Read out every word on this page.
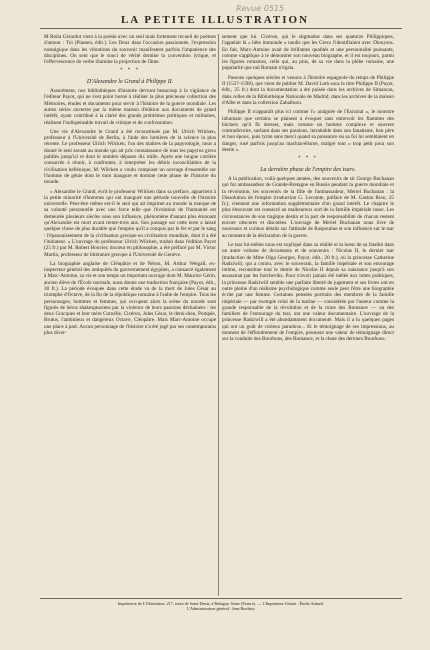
Revue 0515
LA PETITE ILLUSTRATION

M Roïta Gérardot vient à la poésie avec un seul mais fortement recueil de poèmes d'amour : Toi (Plassen, édit.). Les Deux dans l'occasion passionnée, l'expression nostalgique dans les vibrations du souvenir manifestent parfois l'impatience des disciplines. On sent que le souci de vérité domine la convention lyrique, et l'effervescence du verbe illumine la projection de l'âme.

* * *
D'Alexandre le Grand à Philippe II.

Assurément, nos bibliothèques d'histoire devront beaucoup à la vigilance de l'éditeur Payot, qui ne s'est point borné à réaliser la plus précieuse collection des Mémoires, études et documents pour servir à l'histoire de la guerre mondiale. Les autres séries ouvertes par la même maison d'édition aux documents de grand intérêt, ayant contribué à la clarté des grands problèmes politiques et militaires, réalisent l'indispensable travail de critique et de confrontation.

Une vie d'Alexandre le Grand a été reconstituée par M. Ulrich Wilcken, professeur à l'Université de Berlin, à l'aide des lumières de la science la plus récente. Le professeur Ulrich Wilcken, l'un des maîtres de la papyrologie, nous a donné le seul savant au monde qui ait pris connaissance de tous les papyrus grecs publiés jusqu'ici et dont le nombre dépasse dix mille. Après une longue carrière consacrée à réunir, à confronter, à interpréter les débris inconciliables de la civilisation hellénique, M. Wilcken a voulu composer un ouvrage d'ensemble sur l'homme de génie dont le nom inaugure et domine cette phase de l'histoire du monde.

« Alexandre le Grand, écrit le professeur Wilcken dans sa préface, appartient à la petite minorité d'hommes qui ont inauguré une période nouvelle de l'histoire universelle. Peut-être même est-il le seul qui ait imprimé au monde la marque de sa volonté personnelle avec une force telle que l'évolution de l'humanité est demeurée plusieurs siècles sous son influence, phénomène d'autant plus étonnant qu'Alexandre est mort avant trente-trois ans. Son passage sur cette terre a laissé quelque chose de plus durable que l'empire qu'il a conquis par le fer et par le sang : l'épanouissement de la civilisation grecque en civilisation mondiale, dont il a été l'initiateur. » L'ouvrage du professeur Ulrich Wilcken, traduit dans l'édition Payot (25 fr.) par M. Robert Bouvier, docteur en philosophie, a été préfacé par M. Victor Martin, professeur de littérature grecque à l'Université de Genève.

La biographie anglaise de Cléopâtre et de Néron, M. Arthur Weigall, ex-inspecteur général des antiquités du gouvernement égyptien, a consacré également à Marc-Antoine, sa vie et son temps un important ouvrage dont M. Maurice Gérin, ancien élève de l'École normale, nous donne une traduction française (Payot, édit., 30 fr.). La période évoquée dans cette étude va de la mort de Jules César au triomphe d'Octave, de la fin de la république romaine à l'aube de l'empire. Tous les personnages, hommes et femmes, qui occupent alors la scène du monde sont figurés de héros shakespeariens par la violence de leurs passions déchaînées : les deux Gracques et leur mère Cornélie, Cicéron, Jules César, le demi-dieu, Pompée, Brutus, l'ambitieux et dangereux Octave, Cléopâtre. Mais Marc-Antoine occupe une place à part. Aucun personnage de l'histoire n'a été jugé par ses contemporains plus diver-

sement que lui. Cicéron, qui le stigmatise dans ses quatorze Philippiques, l'appelait là « bête immonde » tandis que les Grecs l'identifiaient avec Dionysos. En fait, Marc-Antoine avait de brillantes qualités et une personnalité puissante, comme s'applique à le démontrer son nouveau biographe, et il est toujours, parmi les figures romaines, celle qui, au plus, de sa vie dans la plèbe romaine, une popularité que nul Romain n'égala.

Passons quelques siècles et venons à l'histoire espagnole du temps de Philippe II (1527-1598), que vient de publier M. David Loth sous le titre Philippe II (Payot, édit., 25 fr.) dont la documentation a été puisée dans les archives de Simancas, dans celles de la Bibliothèque Nationale de Madrid, dans les archives de la maison d'Albe et dans la collection Zabalburu.

Philippe II n'apparaît plus ici comme l'« araignée de l'Escurial », le monstre inhumain que certains se plaisent à évoquer sans entrevoir les flammes des bûchers qu'il fit dresser, mais comme un homme complexe et souvent contradictoire, sachant dans ses passions, intraitable dans son fanatisme, bon père et bon époux, puis tyran sans merci quand sa puissance ou sa foi lui semblaient en danger, rusé parfois jusqu'au machiavélisme, malgré tout « trop petit pour son destin ».

* * *
La dernière phase de l'empire des tsars.

A la publication, voilà quelques années, des souvenirs de sir George Buchanan qui fut ambassadeur de Grande-Bretagne en Russie pendant la guerre mondiale et la révolution, les souvenirs de la fille de l'ambassadeur, Meriel Buchanan : la Dissolution de l'empire (traduction G. Lecomte, préface de M. Gaston Riou, 25 fr.), viennent une information supplémentaire d'un grand intérêt. Le chapitre le plus émouvant est consacré au malheureux sort de la famille impériale russe. Les circonstances de son tragique destin et la part de responsabilité de chacun restent encore obscures et discutées. L'ouvrage de Meriel Buchanan nous livre de nouveaux et curieux détails sur l'attitude de Raspoutine et son influence sur le tsar au moment de la déclaration de la guerre.

Le tsar lui-même nous est expliqué dans sa réalité et la lueur de sa fatalité dans un autre volume de documents et de souvenirs : Nicolas II, le dernier tsar (traduction de Mme Olga Georges, Payot, édit., 20 fr.), où la princesse Catherine Radziwill, qui a connu, avec le souverain, la famille impériale et son entourage intime, reconstitue tout le destin de Nicolas II depuis sa naissance jusqu'à son assassinat par les bolcheviks. Pour n'avoir jamais été mêlée aux luttes politiques, la princesse Radziwill semble une parfaite liberté de jugement et ses livres ont en outre pleine d'un réalisme psychologique comme seule peut l'être une biographie écrite par une femme. Certaines pensées portraits des membres de la famille impériale — par exemple celui de la tsarine — considérée par l'auteur comme la grande responsable de la révolution et de la ruine des Romanov — ou des familiers de l'entourage du tsar, ont une valeur documentaire. L'ouvrage de la princesse Radziwill a été abondamment documenté. Mais il a lu quelques pages qui ont un goût de curieux paradoxe... Et le témoignage de ses impressions, au moment de l'effondrement de l'empire, prennent une valeur de témoignage direct sur la conduite des Bourbons, des Romanov, et la chute des derniers Bourbons.

Imprimerie de L'Illustration, 217, route de Saint-Denis, à Bobigny, Seine (France). — L'Imprimeur-Gérant : Émile Aubard.
L'Administrateur général : Jean Roulaey.
